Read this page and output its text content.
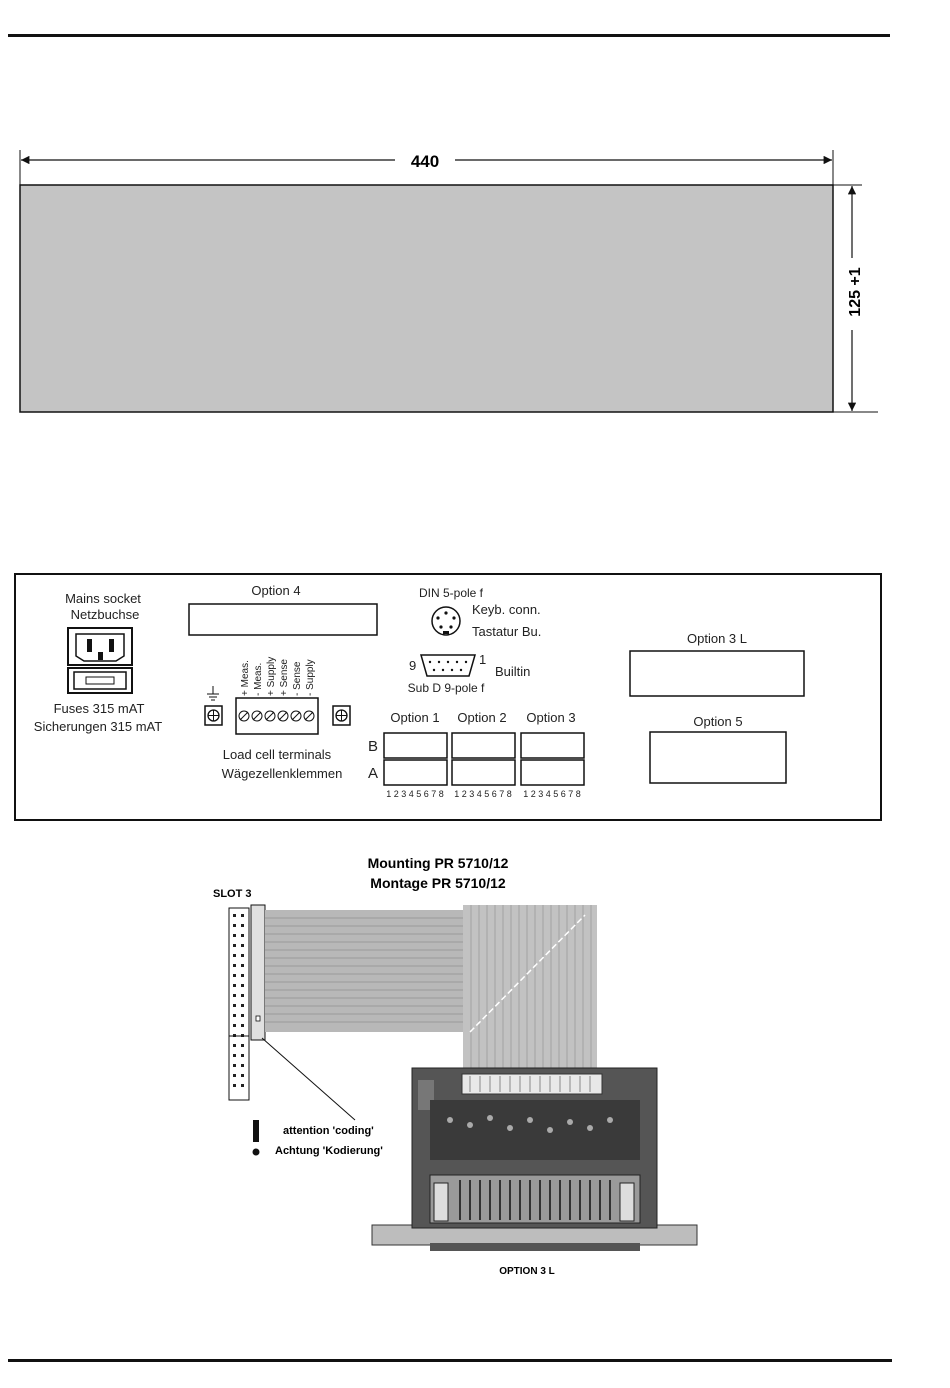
440
125 +1
Mains socket
Netzbuchse
Fuses 315 mAT
Sicherungen 315 mAT
Option 4
+ Meas. - Meas. + Supply + Sense - Sense - Supply
Load cell terminals
Wägezellenklemmen
DIN 5-pole f
Keyb. conn.
Tastatur Bu.
9	1
Builtin
Sub D 9-pole f
Option 1 Option 2 Option 3
B
A
1 2 3 4 5 6 7 8 1 2 3 4 5 6 7 8 1 2 3 4 5 6 7 8
Option 3 L
Option 5
Mounting PR 5710/12
Montage PR 5710/12
SLOT 3
attention 'coding'
Achtung 'Kodierung'
OPTION 3 L
